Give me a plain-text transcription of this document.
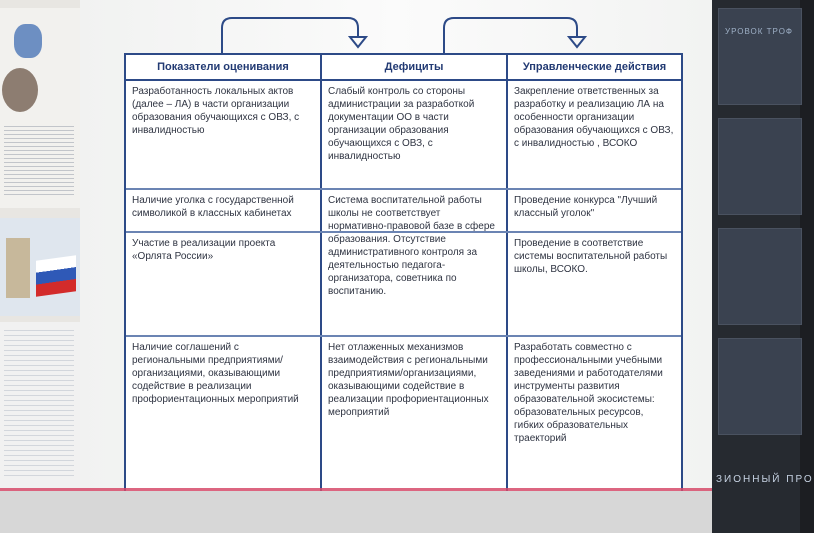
Показатели оценивания	Дефициты	Управленческие действия
Разработанность локальных актов (далее – ЛА) в части организации образования обучающихся с ОВЗ, с инвалидностью
Слабый контроль со стороны администрации за разработкой документации ОО в части организации образования обучающихся с ОВЗ, с инвалидностью
Закрепление ответственных за разработку и реализацию ЛА на особенности организации образования обучающихся с ОВЗ, с инвалидностью , ВСОКО
Наличие уголка с государственной символикой в классных кабинетах
Система воспитательной работы школы не соответствует нормативно-правовой базе в сфере образования. Отсутствие административного контроля за деятельностью педагога-организатора, советника по воспитанию.
Проведение конкурса "Лучший классный уголок"
Участие в реализации проекта «Орлята России»
Проведение в соответствие системы воспитательной работы школы, ВСОКО.
Наличие соглашений с региональными предприятиями/организациями, оказывающими содействие в реализации профориентационных мероприятий
Нет отлаженных механизмов взаимодействия с региональными предприятиями/организациями, оказывающими содействие в реализации профориентационных мероприятий
Разработать совместно с профессиональными учебными заведениями и работодателями инструменты развития образовательной экосистемы: образовательных ресурсов, гибких образовательных траекторий
УРОВОК ТРОФ
ЗИОННЫЙ ПРО
